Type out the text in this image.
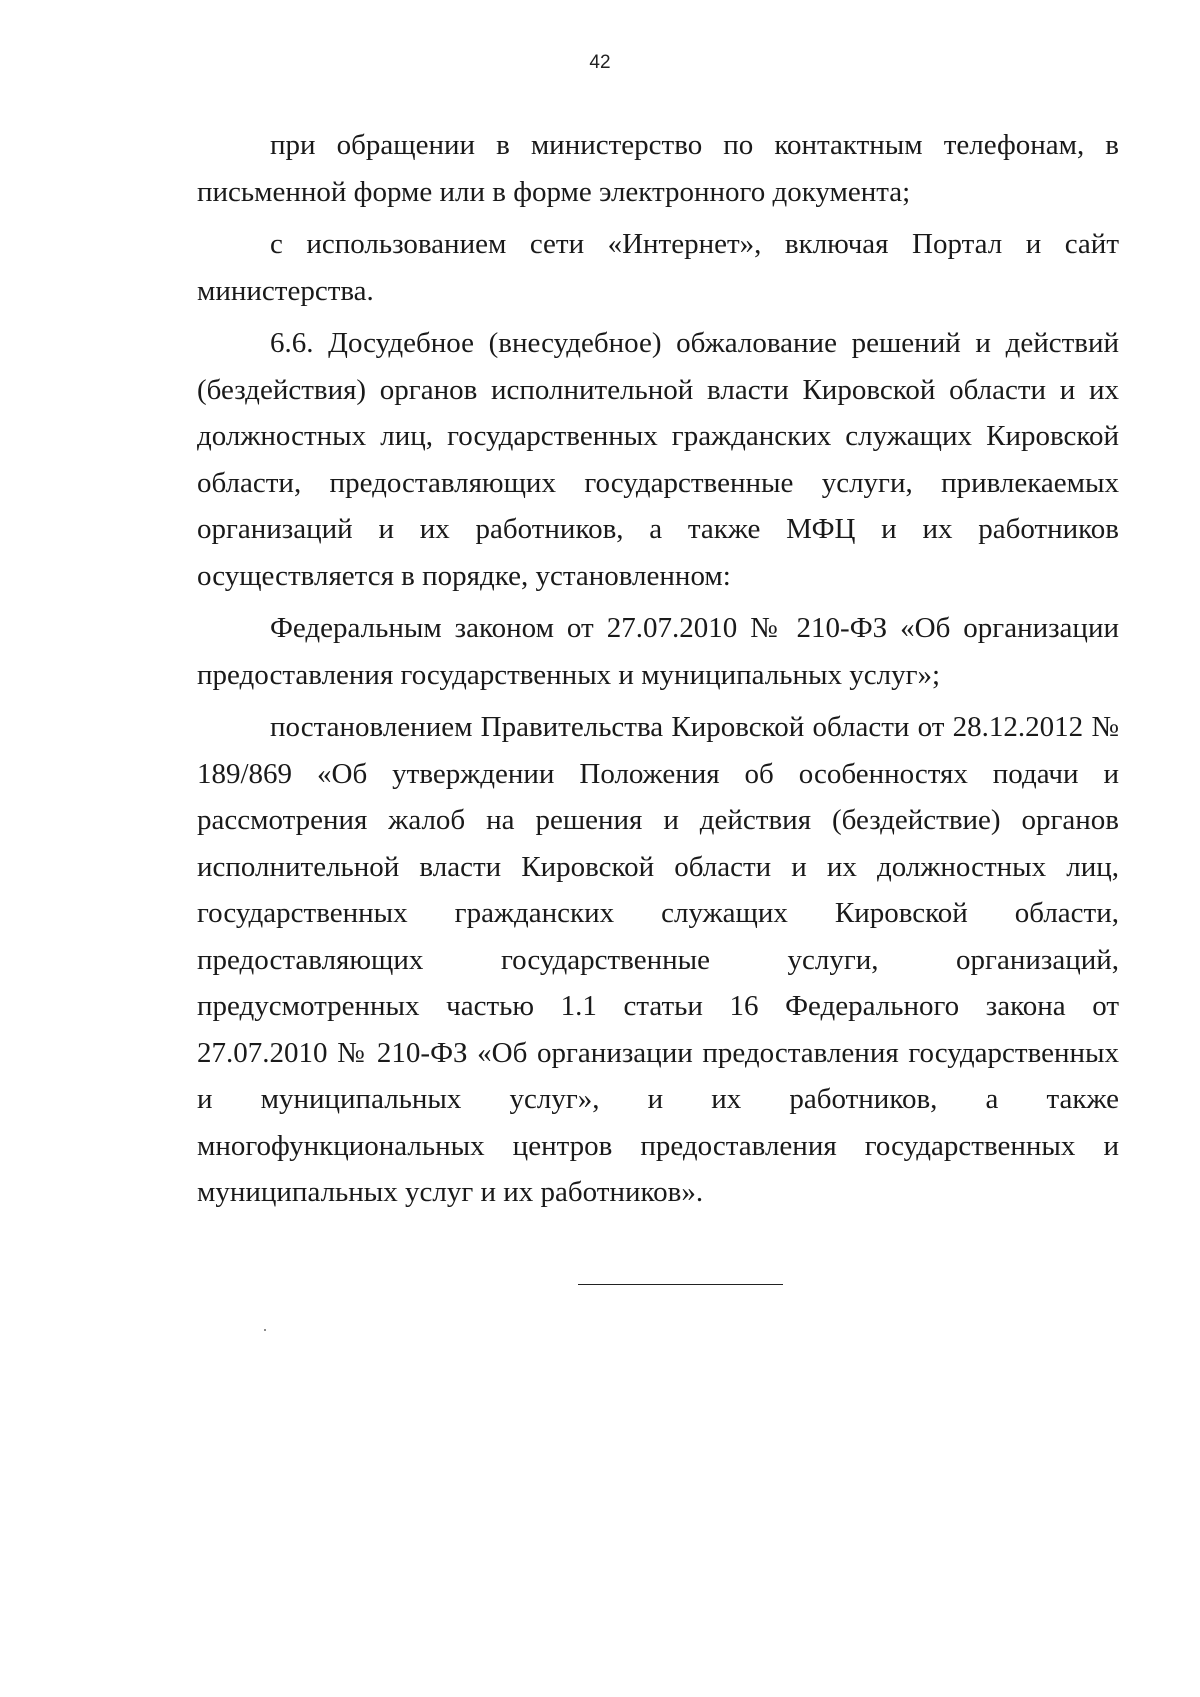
42

при обращении в министерство по контактным телефонам, в письменной форме или в форме электронного документа;

с использованием сети «Интернет», включая Портал и сайт министерства.

6.6. Досудебное (внесудебное) обжалование решений и действий (бездействия) органов исполнительной власти Кировской области и их должностных лиц, государственных гражданских служащих Кировской области, предоставляющих государственные услуги, привлекаемых организаций и их работников, а также МФЦ и их работников осуществляется в порядке, установленном:

Федеральным законом от 27.07.2010 № 210-ФЗ «Об организации предоставления государственных и муниципальных услуг»;

постановлением Правительства Кировской области от 28.12.2012 № 189/869 «Об утверждении Положения об особенностях подачи и рассмотрения жалоб на решения и действия (бездействие) органов исполнительной власти Кировской области и их должностных лиц, государственных гражданских служащих Кировской области, предоставляющих государственные услуги, организаций, предусмотренных частью 1.1 статьи 16 Федерального закона от 27.07.2010 № 210-ФЗ «Об организации предоставления государственных и муниципальных услуг», и их работников, а также многофункциональных центров предоставления государственных и муниципальных услуг и их работников».
